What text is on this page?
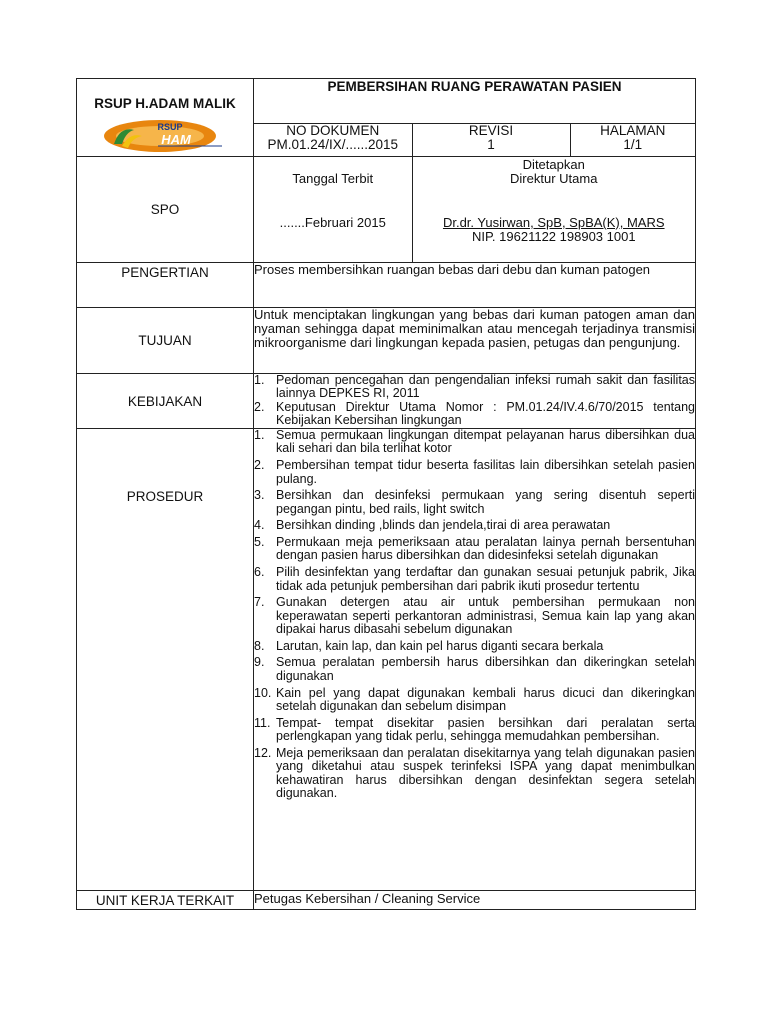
RSUP H.ADAM MALIK
RSUP
HAM
	PEMBERSIHAN RUANG PERAWATAN PASIEN

NO DOKUMEN
PM.01.24/IX/......2015

REVISI
1

HALAMAN
1/1

SPO	
Tanggal Terbit
.......Februari 2015

Ditetapkan
Direktur Utama
Dr.dr. Yusirwan, SpB, SpBA(K), MARS
NIP. 19621122 198903 1001

PENGERTIAN	Proses membersihkan ruangan bebas dari debu dan kuman patogen
TUJUAN	Untuk menciptakan lingkungan yang bebas dari kuman patogen aman dan nyaman sehingga dapat meminimalkan atau mencegah terjadinya transmisi mikroorganisme dari lingkungan kepada pasien, petugas dan pengunjung.
KEBIJAKAN	
1. Pedoman pencegahan dan pengendalian infeksi rumah sakit dan fasilitas lainnya DEPKES RI, 2011
2. Keputusan Direktur Utama Nomor : PM.01.24/IV.4.6/70/2015 tentang Kebijakan Kebersihan lingkungan

PROSEDUR	
1. Semua permukaan lingkungan ditempat pelayanan harus dibersihkan dua kali sehari dan bila terlihat kotor
2. Pembersihan tempat tidur beserta fasilitas lain dibersihkan setelah pasien pulang.
3. Bersihkan dan desinfeksi permukaan yang sering disentuh seperti pegangan pintu, bed rails, light switch
4. Bersihkan dinding ,blinds dan jendela,tirai di area perawatan
5. Permukaan meja pemeriksaan atau peralatan lainya pernah bersentuhan dengan pasien harus dibersihkan dan didesinfeksi setelah digunakan
6. Pilih desinfektan yang terdaftar dan gunakan sesuai petunjuk pabrik, Jika tidak ada petunjuk pembersihan dari pabrik ikuti prosedur tertentu
7. Gunakan detergen atau air untuk pembersihan permukaan non keperawatan seperti perkantoran administrasi, Semua kain lap yang akan dipakai harus dibasahi sebelum digunakan
8. Larutan, kain lap, dan kain pel harus diganti secara berkala
9. Semua peralatan pembersih harus dibersihkan dan dikeringkan setelah digunakan
10. Kain pel yang dapat digunakan kembali harus dicuci dan dikeringkan setelah digunakan dan sebelum disimpan
11. Tempat- tempat disekitar pasien bersihkan dari peralatan serta perlengkapan yang tidak perlu, sehingga memudahkan pembersihan.
12. Meja pemeriksaan dan peralatan disekitarnya yang telah digunakan pasien yang diketahui atau suspek terinfeksi ISPA yang dapat menimbulkan kehawatiran harus dibersihkan dengan desinfektan segera setelah digunakan.

UNIT KERJA TERKAIT	Petugas Kebersihan / Cleaning Service
